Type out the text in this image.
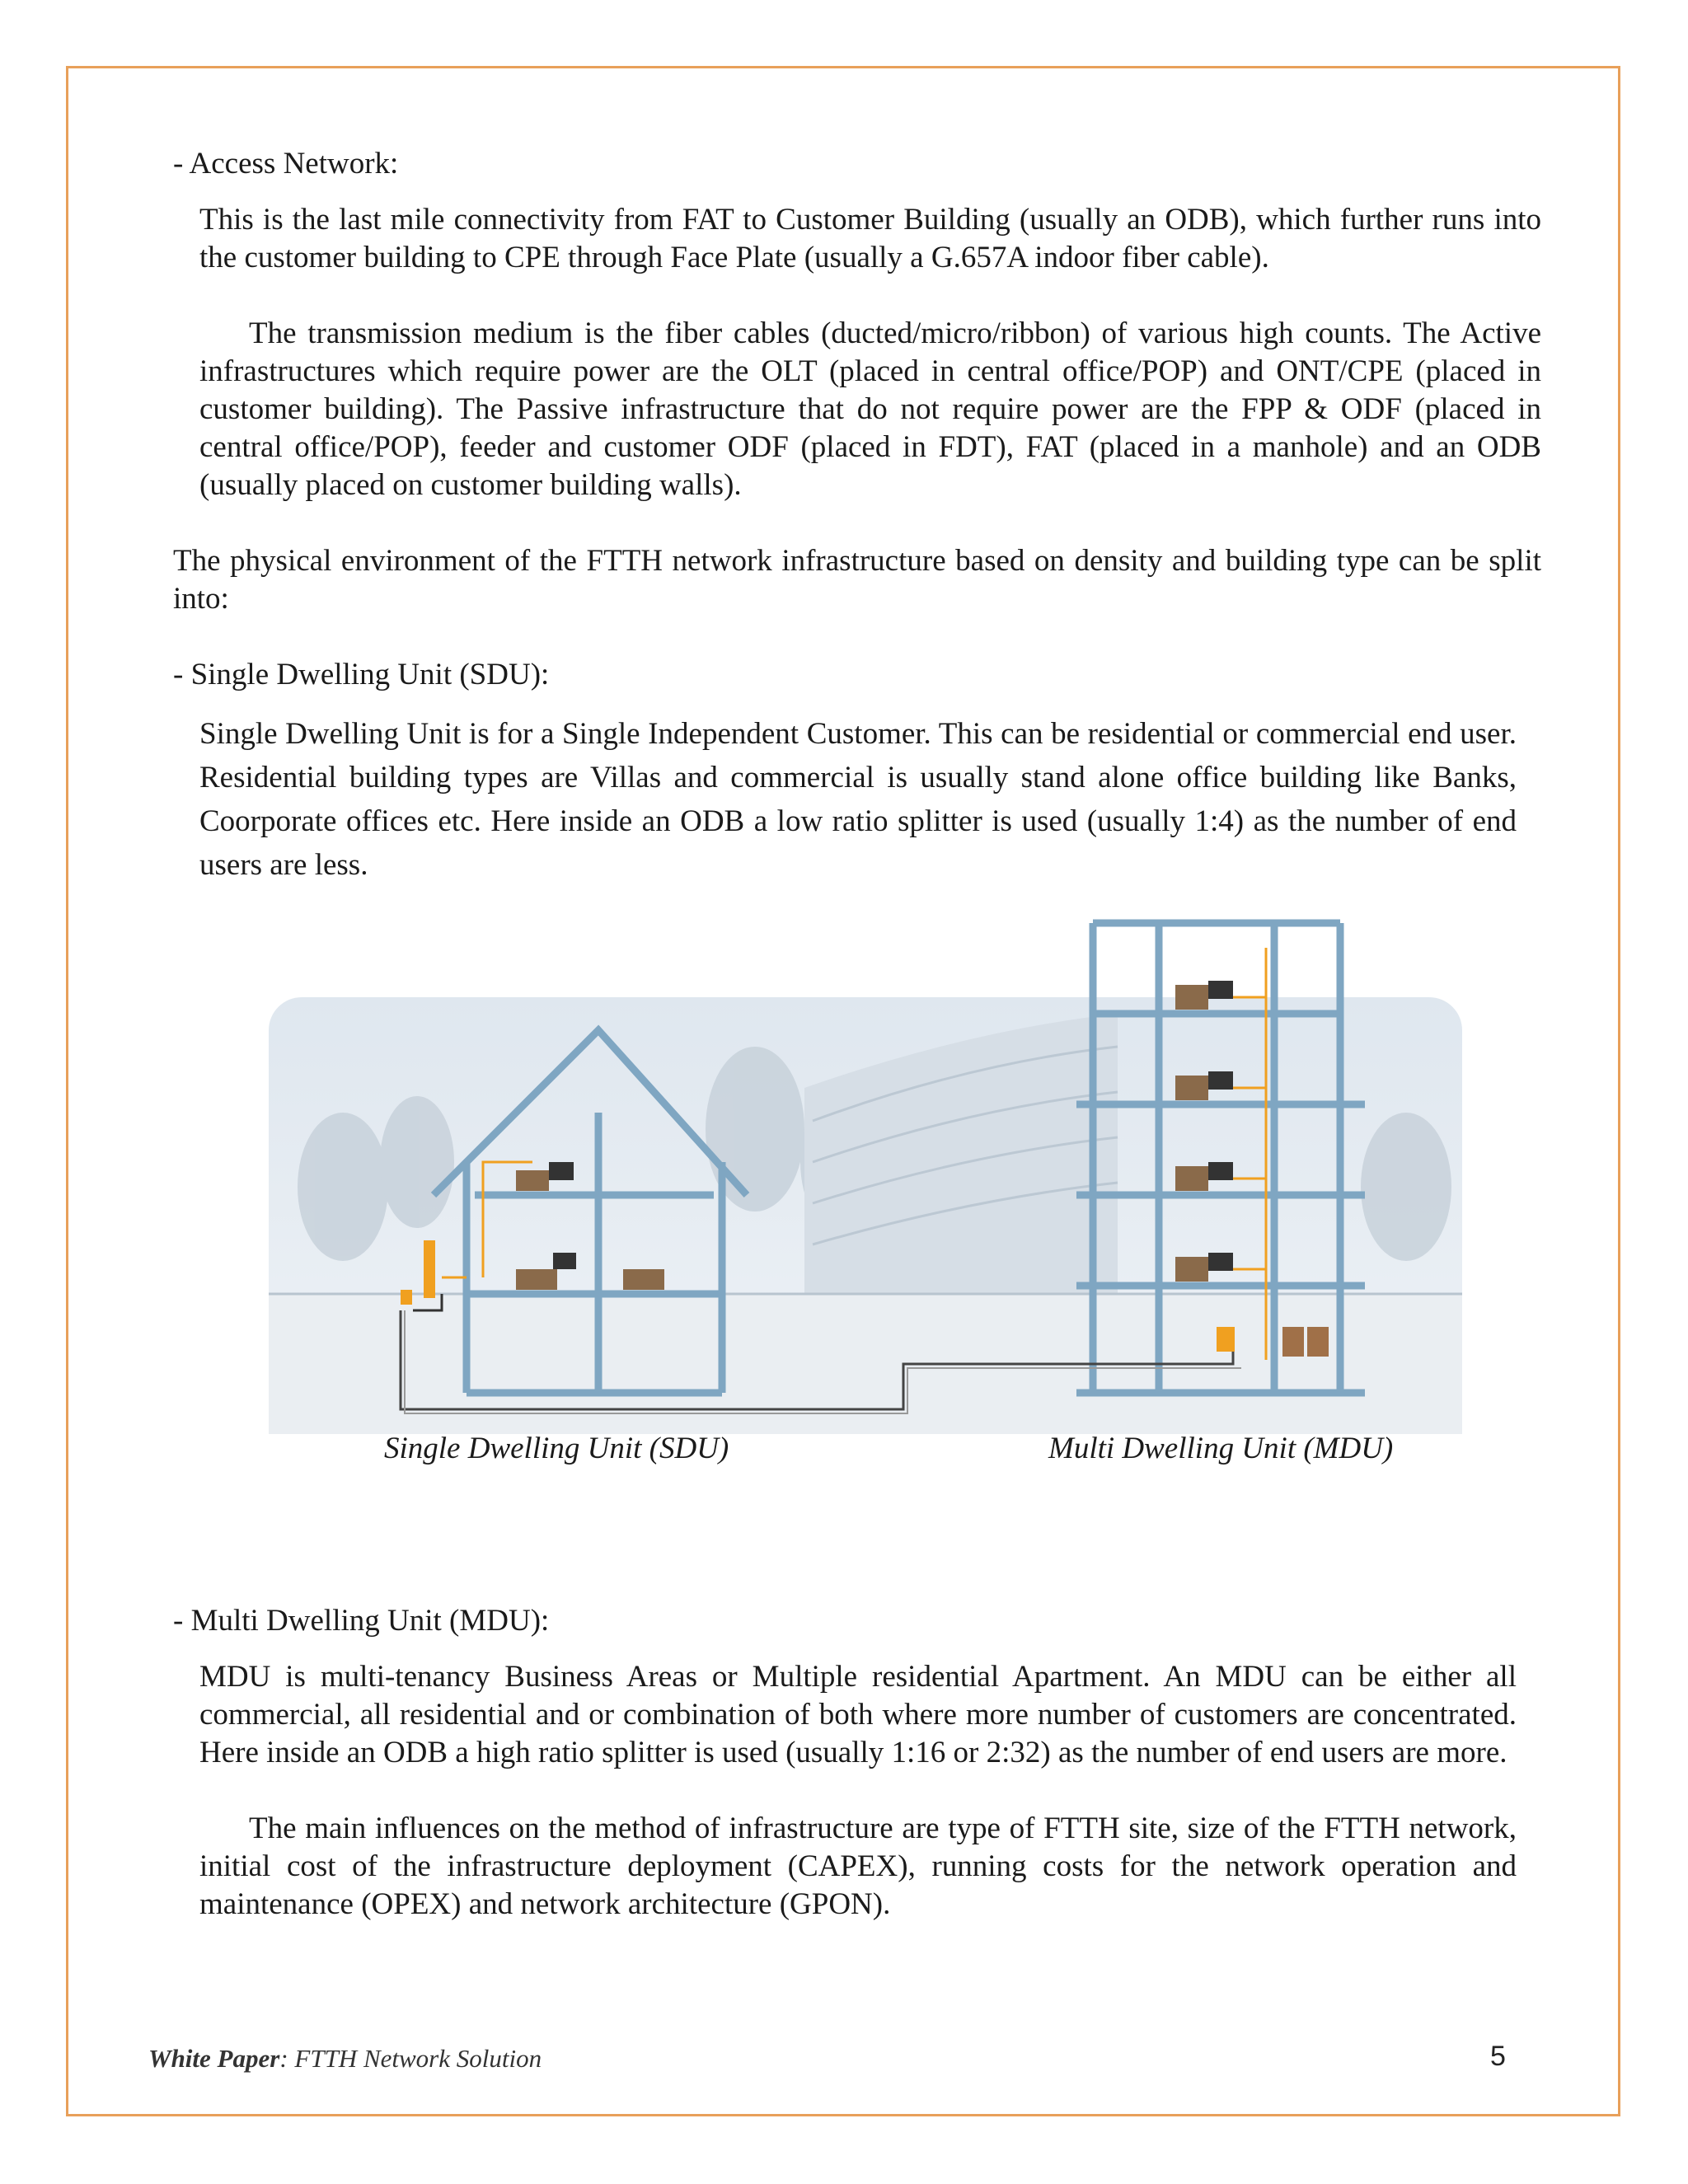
- Access Network:

This is the last mile connectivity from FAT to Customer Building (usually an ODB), which further runs into the customer building to CPE through Face Plate (usually a G.657A indoor fiber cable).

The transmission medium is the fiber cables (ducted/micro/ribbon) of various high counts. The Active infrastructures which require power are the OLT (placed in central office/POP) and ONT/CPE (placed in customer building). The Passive infrastructure that do not require power are the FPP & ODF (placed in central office/POP), feeder and customer ODF (placed in FDT), FAT (placed in a manhole) and an ODB (usually placed on customer building walls).

The physical environment of the FTTH network infrastructure based on density and building type can be split into:

- Single Dwelling Unit (SDU):

Single Dwelling Unit is for a Single Independent Customer. This can be residential or commercial end user. Residential building types are Villas and commercial is usually stand alone office building like Banks, Coorporate offices etc. Here inside an ODB a low ratio splitter is used (usually 1:4) as the number of end users are less.

Single Dwelling Unit (SDU)	Multi Dwelling Unit (MDU)

- Multi Dwelling Unit (MDU):

MDU is multi-tenancy Business Areas or Multiple residential Apartment. An MDU can be either all commercial, all residential and or combination of both where more number of customers are concentrated. Here inside an ODB a high ratio splitter is used (usually 1:16 or 2:32) as the number of end users are more.

The main influences on the method of infrastructure are type of FTTH site, size of the FTTH network, initial cost of the infrastructure deployment (CAPEX), running costs for the network operation and maintenance (OPEX) and network architecture (GPON).

White Paper: FTTH Network Solution	5
